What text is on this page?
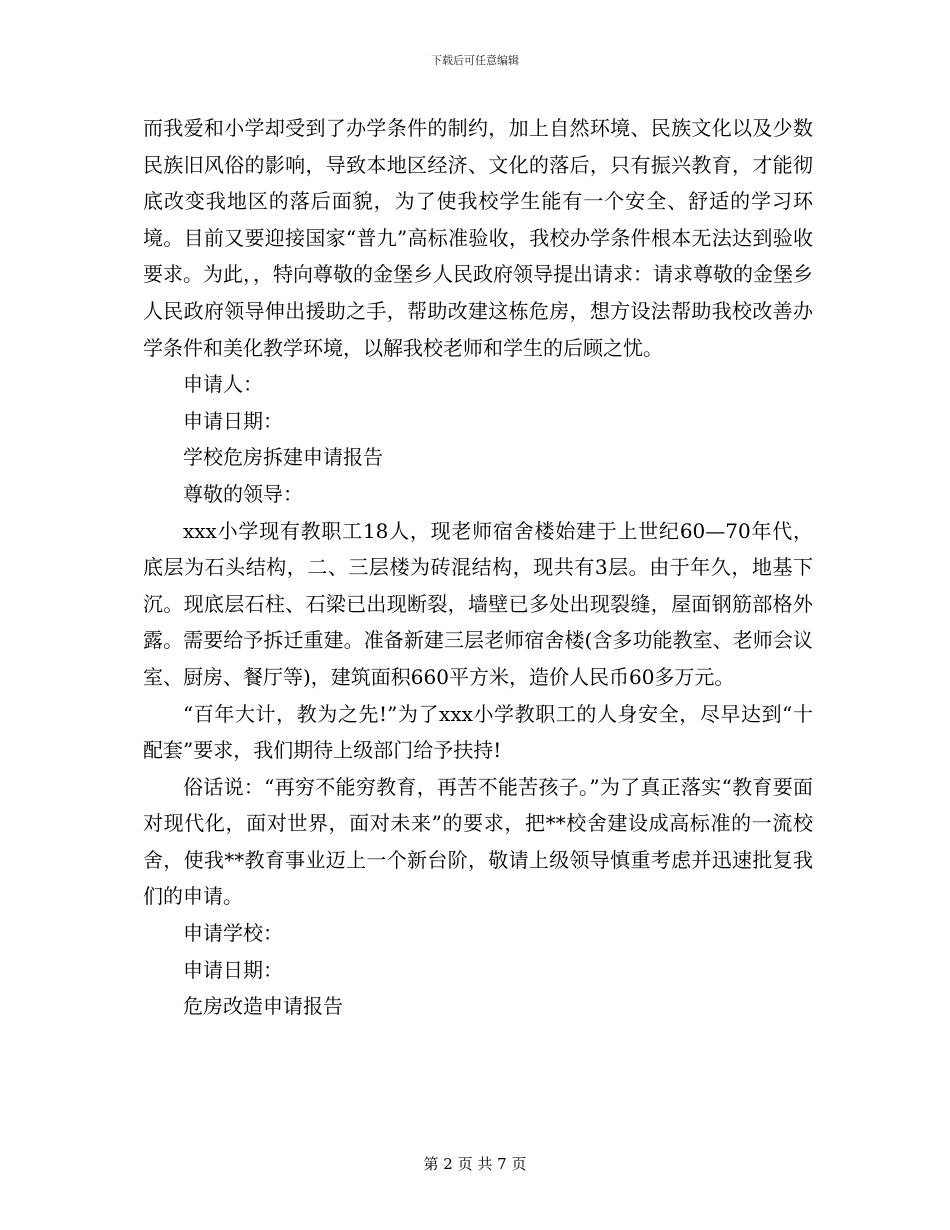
下载后可任意编辑

而我爱和小学却受到了办学条件的制约，加上自然环境、民族文化以及少数民族旧风俗的影响，导致本地区经济、文化的落后，只有振兴教育，才能彻底改变我地区的落后面貌，为了使我校学生能有一个安全、舒适的学习环境。目前又要迎接国家“普九”高标准验收，我校办学条件根本无法达到验收要求。为此，，特向尊敬的金堡乡人民政府领导提出请求：请求尊敬的金堡乡人民政府领导伸出援助之手，帮助改建这栋危房，想方设法帮助我校改善办学条件和美化教学环境，以解我校老师和学生的后顾之忧。

申请人：

申请日期：

学校危房拆建申请报告

尊敬的领导：

xxx小学现有教职工18人，现老师宿舍楼始建于上世纪60—70年代，底层为石头结构，二、三层楼为砖混结构，现共有3层。由于年久，地基下沉。现底层石柱、石梁已出现断裂，墙壁已多处出现裂缝，屋面钢筋部格外露。需要给予拆迁重建。准备新建三层老师宿舍楼(含多功能教室、老师会议室、厨房、餐厅等)，建筑面积660平方米，造价人民币60多万元。

“百年大计，教为之先!”为了xxx小学教职工的人身安全，尽早达到“十配套”要求，我们期待上级部门给予扶持!

俗话说：“再穷不能穷教育，再苦不能苦孩子。”为了真正落实“教育要面对现代化，面对世界，面对未来”的要求，把**校舍建设成高标准的一流校舍，使我**教育事业迈上一个新台阶，敬请上级领导慎重考虑并迅速批复我们的申请。

申请学校：

申请日期：

危房改造申请报告

第 2 页 共 7 页
